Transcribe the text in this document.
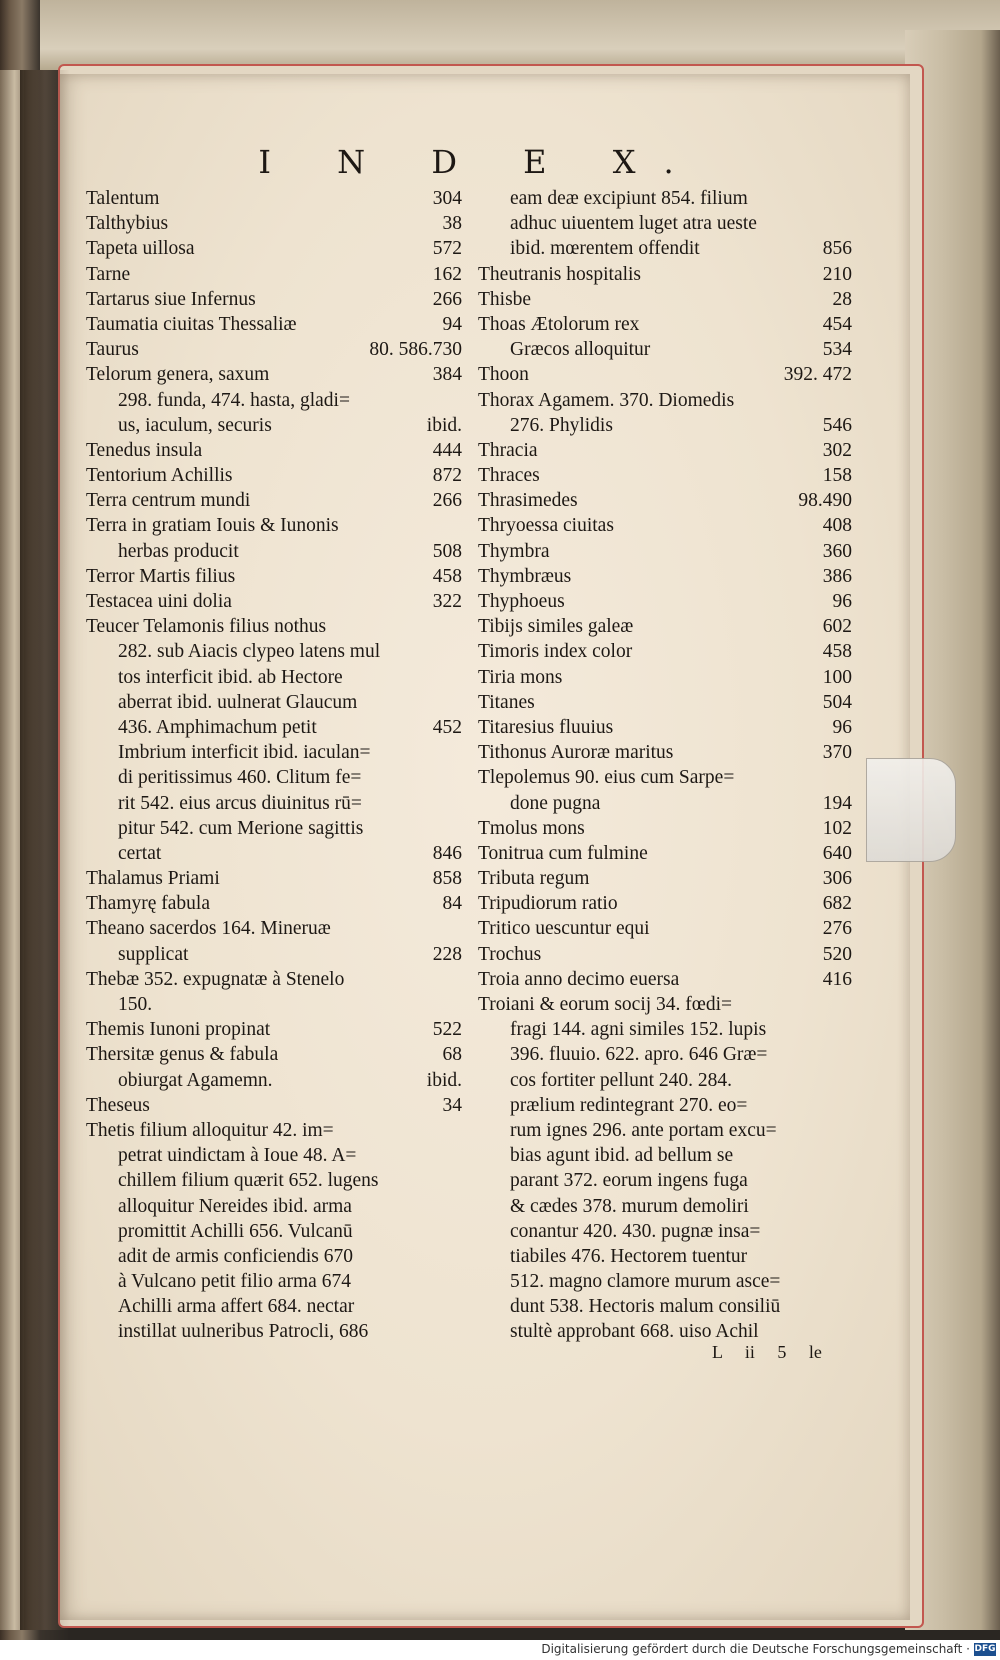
I N D E X.
Talentum	304
Talthybius	38
Tapeta uillosa	572
Tarne	162
Tartarus siue Infernus	266
Taumatia ciuitas Thessaliæ	94
Taurus	80. 586.730
Telorum genera, saxum	384
298. funda, 474. hasta, gladi=
us, iaculum, securis	ibid.
Tenedus insula	444
Tentorium Achillis	872
Terra centrum mundi	266
Terra in gratiam Iouis & Iunonis
herbas producit	508
Terror Martis filius	458
Testacea uini dolia	322
Teucer Telamonis filius nothus
282. sub Aiacis clypeo latens mul
tos interficit ibid. ab Hectore
aberrat ibid. uulnerat Glaucum
436. Amphimachum petit	452
Imbrium interficit ibid. iaculan=
di peritissimus 460. Clitum fe=
rit 542. eius arcus diuinitus rū=
pitur 542. cum Merione sagittis
certat	846
Thalamus Priami	858
Thamyrę fabula	84
Theano sacerdos 164. Mineruæ
supplicat	228
Thebæ 352. expugnatæ à Stenelo
150.
Themis Iunoni propinat	522
Thersitæ genus & fabula	68
obiurgat Agamemn.	ibid.
Theseus	34
Thetis filium alloquitur 42. im=
petrat uindictam à Ioue 48. A=
chillem filium quærit 652. lugens
alloquitur Nereides ibid. arma
promittit Achilli 656. Vulcanū
adit de armis conficiendis 670
à Vulcano petit filio arma 674
Achilli arma affert 684. nectar
instillat uulneribus Patrocli, 686
eam deæ excipiunt 854. filium
adhuc uiuentem luget atra ueste
ibid. mœrentem offendit	856
Theutranis hospitalis	210
Thisbe	28
Thoas Ætolorum rex	454
Græcos alloquitur	534
Thoon	392. 472
Thorax Agamem. 370. Diomedis
276. Phylidis	546
Thracia	302
Thraces	158
Thrasimedes	98.490
Thryoessa ciuitas	408
Thymbra	360
Thymbræus	386
Thyphoeus	96
Tibijs similes galeæ	602
Timoris index color	458
Tiria mons	100
Titanes	504
Titaresius fluuius	96
Tithonus Auroræ maritus	370
Tlepolemus 90. eius cum Sarpe=
done pugna	194
Tmolus mons	102
Tonitrua cum fulmine	640
Tributa regum	306
Tripudiorum ratio	682
Tritico uescuntur equi	276
Trochus	520
Troia anno decimo euersa	416
Troiani & eorum socij 34. fœdi=
fragi 144. agni similes 152. lupis
396. fluuio. 622. apro. 646 Græ=
cos fortiter pellunt 240. 284.
prælium redintegrant 270. eo=
rum ignes 296. ante portam excu=
bias agunt ibid. ad bellum se
parant 372. eorum ingens fuga
& cædes 378. murum demoliri
conantur 420. 430. pugnæ insa=
tiabiles 476. Hectorem tuentur
512. magno clamore murum asce=
dunt 538. Hectoris malum consiliū
stultè approbant 668. uiso Achil
L ii 5 le
Digitalisierung gefördert durch die Deutsche Forschungsgemeinschaft · DFG
